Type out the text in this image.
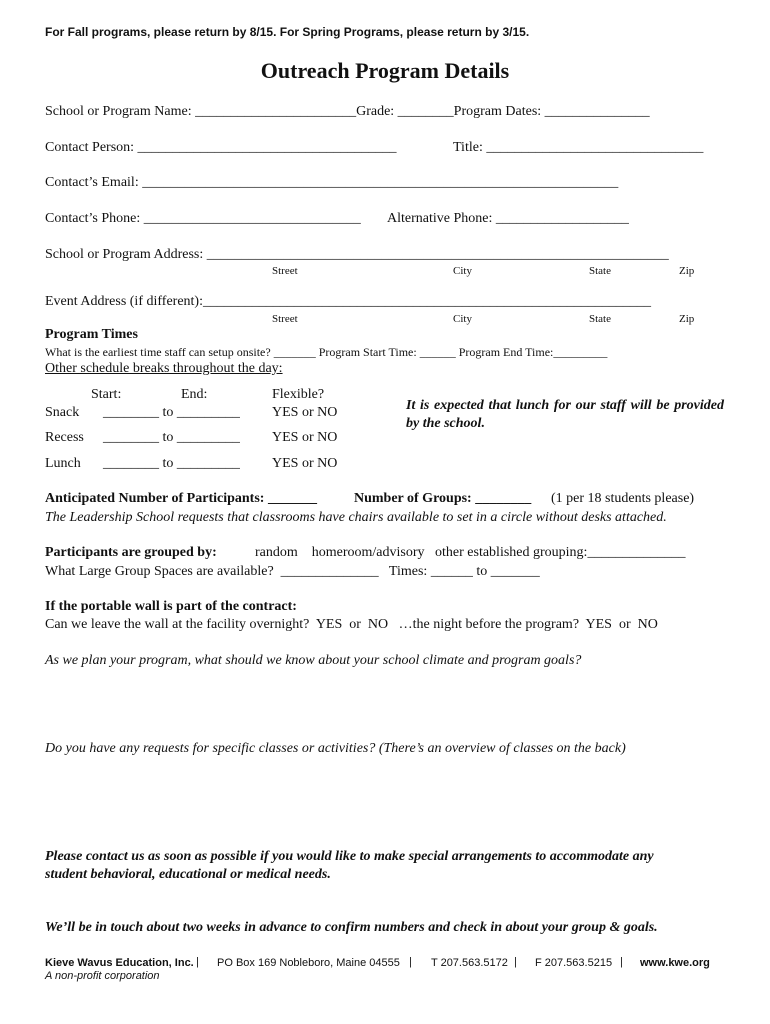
For Fall programs, please return by 8/15. For Spring Programs, please return by 3/15.
Outreach Program Details
School or Program Name: _______________________Grade: ________Program Dates: _______________
Contact Person: _____________________________________	Title: _______________________________
Contact’s Email: ____________________________________________________________________
Contact’s Phone: _______________________________ Alternative Phone: ___________________
School or Program Address: __________________________________________________________________
Street	City	State	Zip
Event Address (if different):________________________________________________________________
Street	City	State	Zip
Program Times
What is the earliest time staff can setup onsite? _______ Program Start Time: ______ Program End Time:_________
Other schedule breaks throughout the day:
Start:	End:	Flexible?
Snack ________ to _________ YES or NO
Recess ________ to _________ YES or NO
Lunch ________ to _________ YES or NO
It is expected that lunch for our staff will be provided by the school.
Anticipated Number of Participants: _______	Number of Groups: ________ (1 per 18 students please)
The Leadership School requests that classrooms have chairs available to set in a circle without desks attached.
Participants are grouped by:	random    homeroom/advisory   other established grouping:______________
What Large Group Spaces are available?  ______________   Times: ______ to _______
If the portable wall is part of the contract:
Can we leave the wall at the facility overnight?  YES  or  NO   …the night before the program?  YES  or  NO
As we plan your program, what should we know about your school climate and program goals?
Do you have any requests for specific classes or activities? (There’s an overview of classes on the back)
Please contact us as soon as possible if you would like to make special arrangements to accommodate any
student behavioral, educational or medical needs.
We’ll be in touch about two weeks in advance to confirm numbers and check in about your group & goals.
Kieve Wavus Education, Inc. | PO Box 169 Nobleboro, Maine 04555 | T 207.563.5172 | F 207.563.5215 | www.kwe.org
A non-profit corporation
